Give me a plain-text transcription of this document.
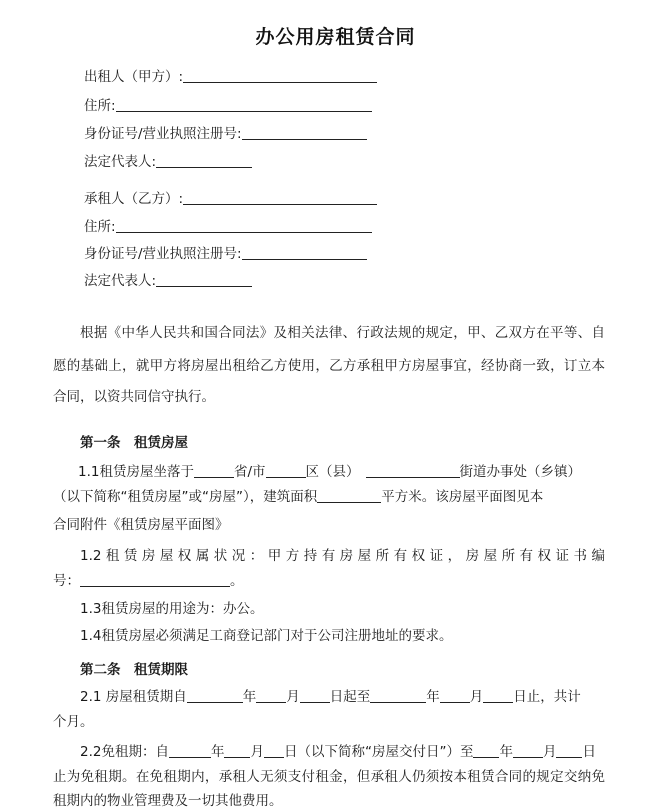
办公用房租赁合同
出租人（甲方）:
住所:
身份证号/营业执照注册号:
法定代表人:
承租人（乙方）:
住所:
身份证号/营业执照注册号:
法定代表人:
根据《中华人民共和国合同法》及相关法律、行政法规的规定，甲、乙双方在平等、自
愿的基础上，就甲方将房屋出租给乙方使用，乙方承租甲方房屋事宜，经协商一致，订立本
合同，以资共同信守执行。
第一条　租赁房屋
1.1租赁房屋坐落于	省/市	区（县）	街道办事处（乡镇）
（以下简称“租赁房屋”或“房屋”），建筑面积	平方米。该房屋平面图见本
合同附件《租赁房屋平面图》
1.2 租 赁 房 屋 权 属 状 况 ： 甲 方 持 有 房 屋 所 有 权 证 ， 房 屋 所 有 权 证 书 编
号：	。
1.3租赁房屋的用途为：办公。
1.4租赁房屋必须满足工商登记部门对于公司注册地址的要求。
第二条　租赁期限
2.1 房屋租赁期自	年 月 日起至	年 月 日止，共计
个月。
2.2免租期：自	年 月 日（以下简称“房屋交付日”）至 年 月 日
止为免租期。在免租期内，承租人无须支付租金，但承租人仍须按本租赁合同的规定交纳免
租期内的物业管理费及一切其他费用。
